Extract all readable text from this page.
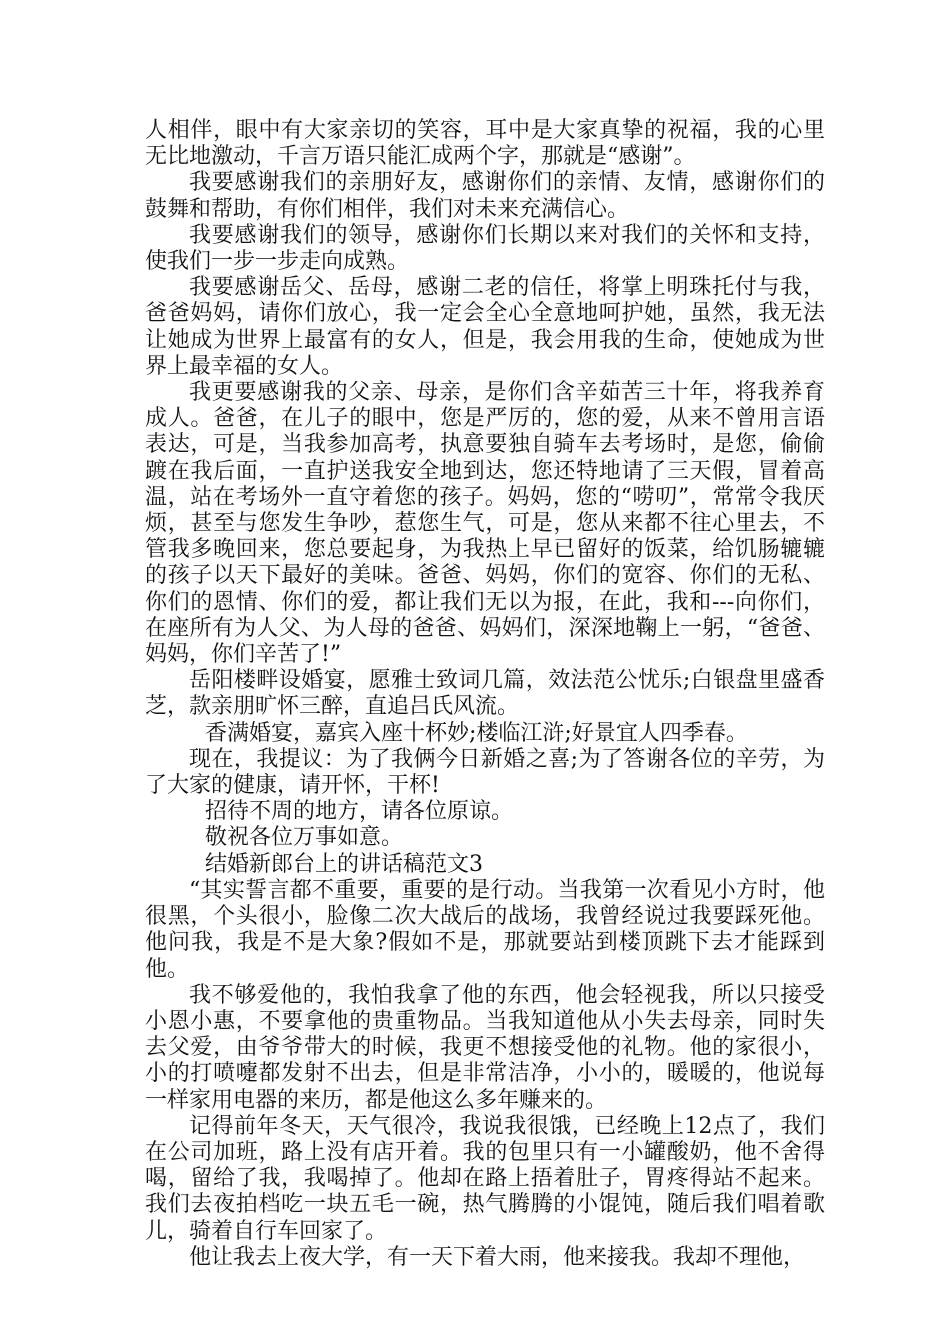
人相伴，眼中有大家亲切的笑容，耳中是大家真挚的祝福，我的心里无比地激动，千言万语只能汇成两个字，那就是“感谢”。

我要感谢我们的亲朋好友，感谢你们的亲情、友情，感谢你们的鼓舞和帮助，有你们相伴，我们对未来充满信心。

我要感谢我们的领导，感谢你们长期以来对我们的关怀和支持，使我们一步一步走向成熟。

我要感谢岳父、岳母，感谢二老的信任，将掌上明珠托付与我，爸爸妈妈，请你们放心，我一定会全心全意地呵护她，虽然，我无法让她成为世界上最富有的女人，但是，我会用我的生命，使她成为世界上最幸福的女人。

我更要感谢我的父亲、母亲，是你们含辛茹苦三十年，将我养育成人。爸爸，在儿子的眼中，您是严厉的，您的爱，从来不曾用言语表达，可是，当我参加高考，执意要独自骑车去考场时，是您，偷偷踱在我后面，一直护送我安全地到达，您还特地请了三天假，冒着高温，站在考场外一直守着您的孩子。妈妈，您的“唠叨”，常常令我厌烦，甚至与您发生争吵，惹您生气，可是，您从来都不往心里去，不管我多晚回来，您总要起身，为我热上早已留好的饭菜，给饥肠辘辘的孩子以天下最好的美味。爸爸、妈妈，你们的宽容、你们的无私、你们的恩情、你们的爱，都让我们无以为报，在此，我和---向你们，在座所有为人父、为人母的爸爸、妈妈们，深深地鞠上一躬，“爸爸、妈妈，你们辛苦了!”

岳阳楼畔设婚宴，愿雅士致词几篇，效法范公忧乐;白银盘里盛香芝，款亲朋旷怀三醉，直追吕氏风流。

香满婚宴，嘉宾入座十杯妙;楼临江浒;好景宜人四季春。

现在，我提议：为了我俩今日新婚之喜;为了答谢各位的辛劳，为了大家的健康，请开怀，干杯!

招待不周的地方，请各位原谅。

敬祝各位万事如意。

结婚新郎台上的讲话稿范文3

“其实誓言都不重要，重要的是行动。当我第一次看见小方时，他很黑，个头很小，脸像二次大战后的战场，我曾经说过我要踩死他。他问我，我是不是大象?假如不是，那就要站到楼顶跳下去才能踩到他。

我不够爱他的，我怕我拿了他的东西，他会轻视我，所以只接受小恩小惠，不要拿他的贵重物品。当我知道他从小失去母亲，同时失去父爱，由爷爷带大的时候，我更不想接受他的礼物。他的家很小，小的打喷嚏都发射不出去，但是非常洁净，小小的，暖暖的，他说每一样家用电器的来历，都是他这么多年赚来的。

记得前年冬天，天气很冷，我说我很饿，已经晚上12点了，我们在公司加班，路上没有店开着。我的包里只有一小罐酸奶，他不舍得喝，留给了我，我喝掉了。他却在路上捂着肚子，胃疼得站不起来。我们去夜拍档吃一块五毛一碗，热气腾腾的小馄饨，随后我们唱着歌儿，骑着自行车回家了。

他让我去上夜大学，有一天下着大雨，他来接我。我却不理他，
